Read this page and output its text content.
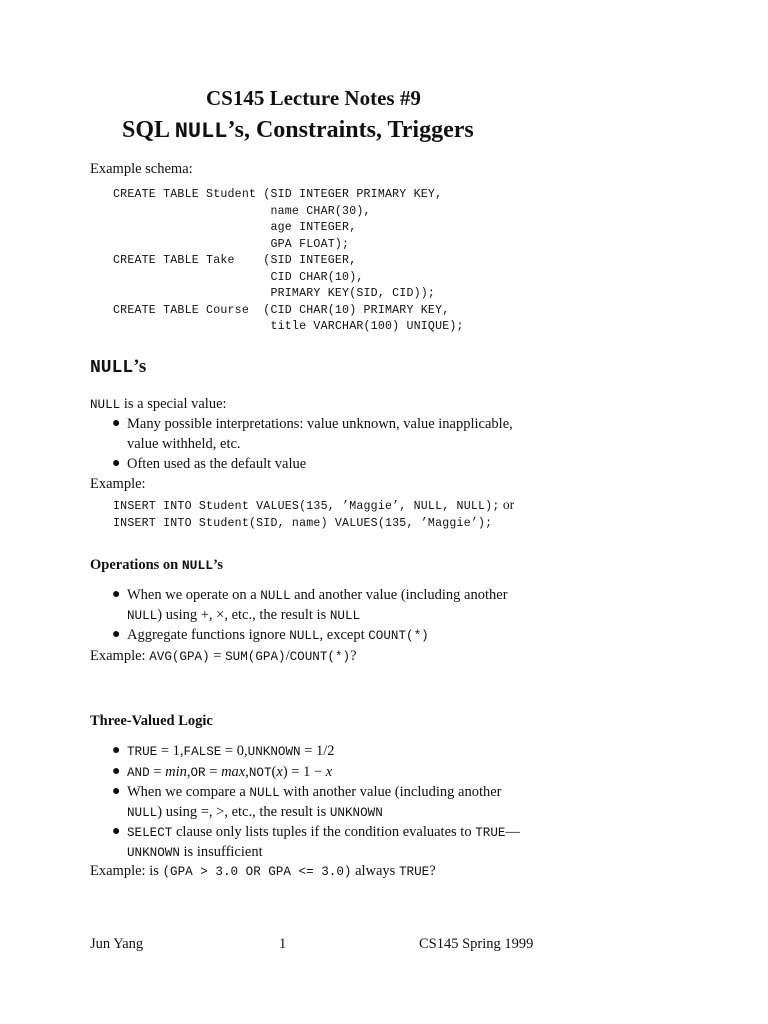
CS145 Lecture Notes #9
SQL NULL’s, Constraints, Triggers
Example schema:
CREATE TABLE Student (SID INTEGER PRIMARY KEY,
name CHAR(30),
age INTEGER,
GPA FLOAT);
CREATE TABLE Take    (SID INTEGER,
CID CHAR(10),
PRIMARY KEY(SID, CID));
CREATE TABLE Course  (CID CHAR(10) PRIMARY KEY,
title VARCHAR(100) UNIQUE);
NULL’s
NULL is a special value:
● Many possible interpretations: value unknown, value inapplicable,
value withheld, etc.
● Often used as the default value
Example:
INSERT INTO Student VALUES(135, ’Maggie’, NULL, NULL); or
INSERT INTO Student(SID, name) VALUES(135, ’Maggie’);
Operations on NULL’s
● When we operate on a NULL and another value (including another
NULL) using +, ×, etc., the result is NULL
● Aggregate functions ignore NULL, except COUNT(*)
Example: AVG(GPA) = SUM(GPA)/COUNT(*)?
Three-Valued Logic
● TRUE = 1,FALSE = 0,UNKNOWN = 1/2
● AND = min,OR = max,NOT(x) = 1 − x
● When we compare a NULL with another value (including another
NULL) using =, >, etc., the result is UNKNOWN
● SELECT clause only lists tuples if the condition evaluates to TRUE—
UNKNOWN is insufficient
Example: is (GPA > 3.0 OR GPA <= 3.0) always TRUE?
Jun Yang	1	CS145 Spring 1999
